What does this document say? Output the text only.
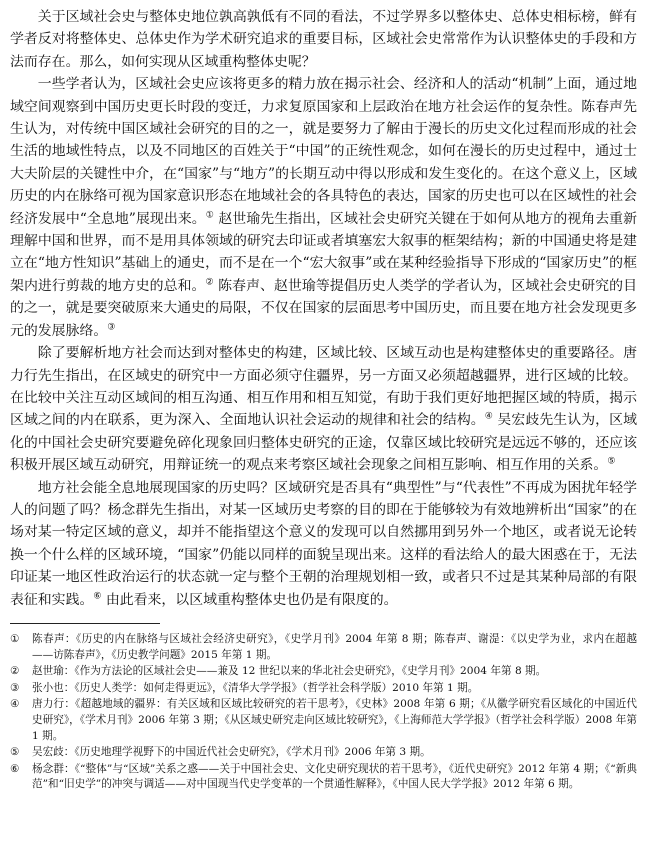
关于区域社会史与整体史地位孰高孰低有不同的看法，不过学界多以整体史、总体史相标榜，鲜有学者反对将整体史、总体史作为学术研究追求的重要目标，区域社会史常常作为认识整体史的手段和方法而存在。那么，如何实现从区域重构整体史呢？

一些学者认为，区域社会史应该将更多的精力放在揭示社会、经济和人的活动“机制”上面，通过地域空间观察到中国历史更长时段的变迁，力求复原国家和上层政治在地方社会运作的复杂性。陈春声先生认为，对传统中国区域社会研究的目的之一，就是要努力了解由于漫长的历史文化过程而形成的社会生活的地域性特点，以及不同地区的百姓关于“中国”的正统性观念，如何在漫长的历史过程中，通过士大夫阶层的关键性中介，在“国家”与“地方”的长期互动中得以形成和发生变化的。在这个意义上，区域历史的内在脉络可视为国家意识形态在地域社会的各具特色的表达，国家的历史也可以在区域性的社会经济发展中“全息地”展现出来。① 赵世瑜先生指出，区域社会史研究关键在于如何从地方的视角去重新理解中国和世界，而不是用具体领域的研究去印证或者填塞宏大叙事的框架结构；新的中国通史将是建立在“地方性知识”基础上的通史，而不是在一个“宏大叙事”或在某种经验指导下形成的“国家历史”的框架内进行剪裁的地方史的总和。② 陈春声、赵世瑜等提倡历史人类学的学者认为，区域社会史研究的目的之一，就是要突破原来大通史的局限，不仅在国家的层面思考中国历史，而且要在地方社会发现更多元的发展脉络。③

除了要解析地方社会而达到对整体史的构建，区域比较、区域互动也是构建整体史的重要路径。唐力行先生指出，在区域史的研究中一方面必须守住疆界，另一方面又必须超越疆界，进行区域的比较。在比较中关注互动区域间的相互沟通、相互作用和相互知觉，有助于我们更好地把握区域的特质，揭示区域之间的内在联系，更为深入、全面地认识社会运动的规律和社会的结构。④ 吴宏歧先生认为，区域化的中国社会史研究要避免碎化现象回归整体史研究的正途，仅靠区域比较研究是远远不够的，还应该积极开展区域互动研究，用辩证统一的观点来考察区域社会现象之间相互影响、相互作用的关系。⑤

地方社会能全息地展现国家的历史吗？区域研究是否具有“典型性”与“代表性”不再成为困扰年轻学人的问题了吗？杨念群先生指出，对某一区域历史考察的目的即在于能够较为有效地辨析出“国家”的在场对某一特定区域的意义，却并不能指望这个意义的发现可以自然挪用到另外一个地区，或者说无论转换一个什么样的区域环境，“国家”仍能以同样的面貌呈现出来。这样的看法给人的最大困惑在于，无法印证某一地区性政治运行的状态就一定与整个王朝的治理规划相一致，或者只不过是其某种局部的有限表征和实践。⑥ 由此看来，以区域重构整体史也仍是有限度的。

①	陈春声：《历史的内在脉络与区域社会经济史研究》，《史学月刊》2004 年第 8 期；陈春声、谢湜：《以史学为业，求内在超越——访陈春声》，《历史教学问题》2015 年第 1 期。
②	赵世瑜：《作为方法论的区域社会史——兼及 12 世纪以来的华北社会史研究》，《史学月刊》2004 年第 8 期。
③	张小也：《历史人类学：如何走得更远》，《清华大学学报》（哲学社会科学版）2010 年第 1 期。
④	唐力行：《超越地域的疆界：有关区域和区域比较研究的若干思考》，《史林》2008 年第 6 期；《从徽学研究看区域化的中国近代史研究》，《学术月刊》2006 年第 3 期；《从区域史研究走向区域比较研究》，《上海师范大学学报》（哲学社会科学版）2008 年第 1 期。
⑤	吴宏歧：《历史地理学视野下的中国近代社会史研究》，《学术月刊》2006 年第 3 期。
⑥	杨念群：《“整体”与“区域”关系之惑——关于中国社会史、文化史研究现状的若干思考》，《近代史研究》2012 年第 4 期；《“新典范”和“旧史学”的冲突与调适——对中国现当代史学变革的一个贯通性解释》，《中国人民大学学报》2012 年第 6 期。
